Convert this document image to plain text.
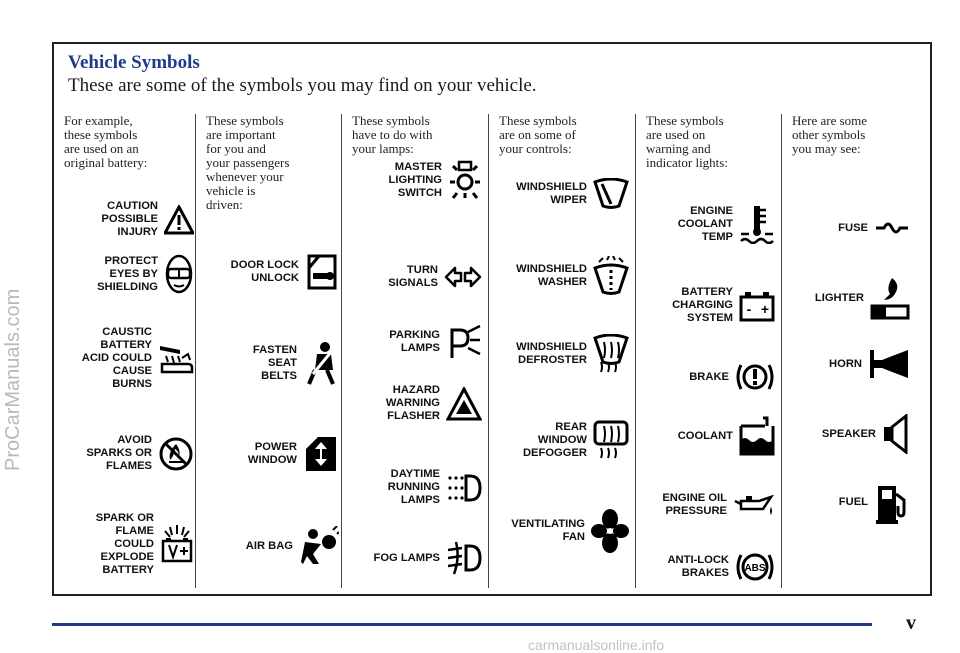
ProCarManuals.com
Vehicle Symbols
These are some of the symbols you may find on your vehicle.

For example,
these symbols
are used on an
original battery:

CAUTION
POSSIBLE
INJURY
PROTECT
EYES BY
SHIELDING
CAUSTIC
BATTERY
ACID COULD
CAUSE
BURNS
AVOID
SPARKS OR
FLAMES
SPARK OR
FLAME
COULD
EXPLODE
BATTERY

These symbols
are important
for you and
your passengers
whenever your
vehicle is
driven:

DOOR LOCK
UNLOCK
FASTEN
SEAT
BELTS
POWER
WINDOW
AIR BAG

These symbols
have to do with
your lamps:

MASTER
LIGHTING
SWITCH
TURN
SIGNALS
PARKING
LAMPS
HAZARD
WARNING
FLASHER
DAYTIME
RUNNING
LAMPS
FOG LAMPS

These symbols
are on some of
your controls:

WINDSHIELD
WIPER
WINDSHIELD
WASHER
WINDSHIELD
DEFROSTER
REAR
WINDOW
DEFOGGER
VENTILATING
FAN

These symbols
are used on
warning and
indicator lights:

ENGINE
COOLANT
TEMP
BATTERY
CHARGING
SYSTEM
- +
BRAKE
COOLANT
ENGINE OIL
PRESSURE
ANTI-LOCK
BRAKES ABS

Here are some
other symbols
you may see:

FUSE
LIGHTER
HORN
SPEAKER
FUEL
v
carmanualsonline.info
